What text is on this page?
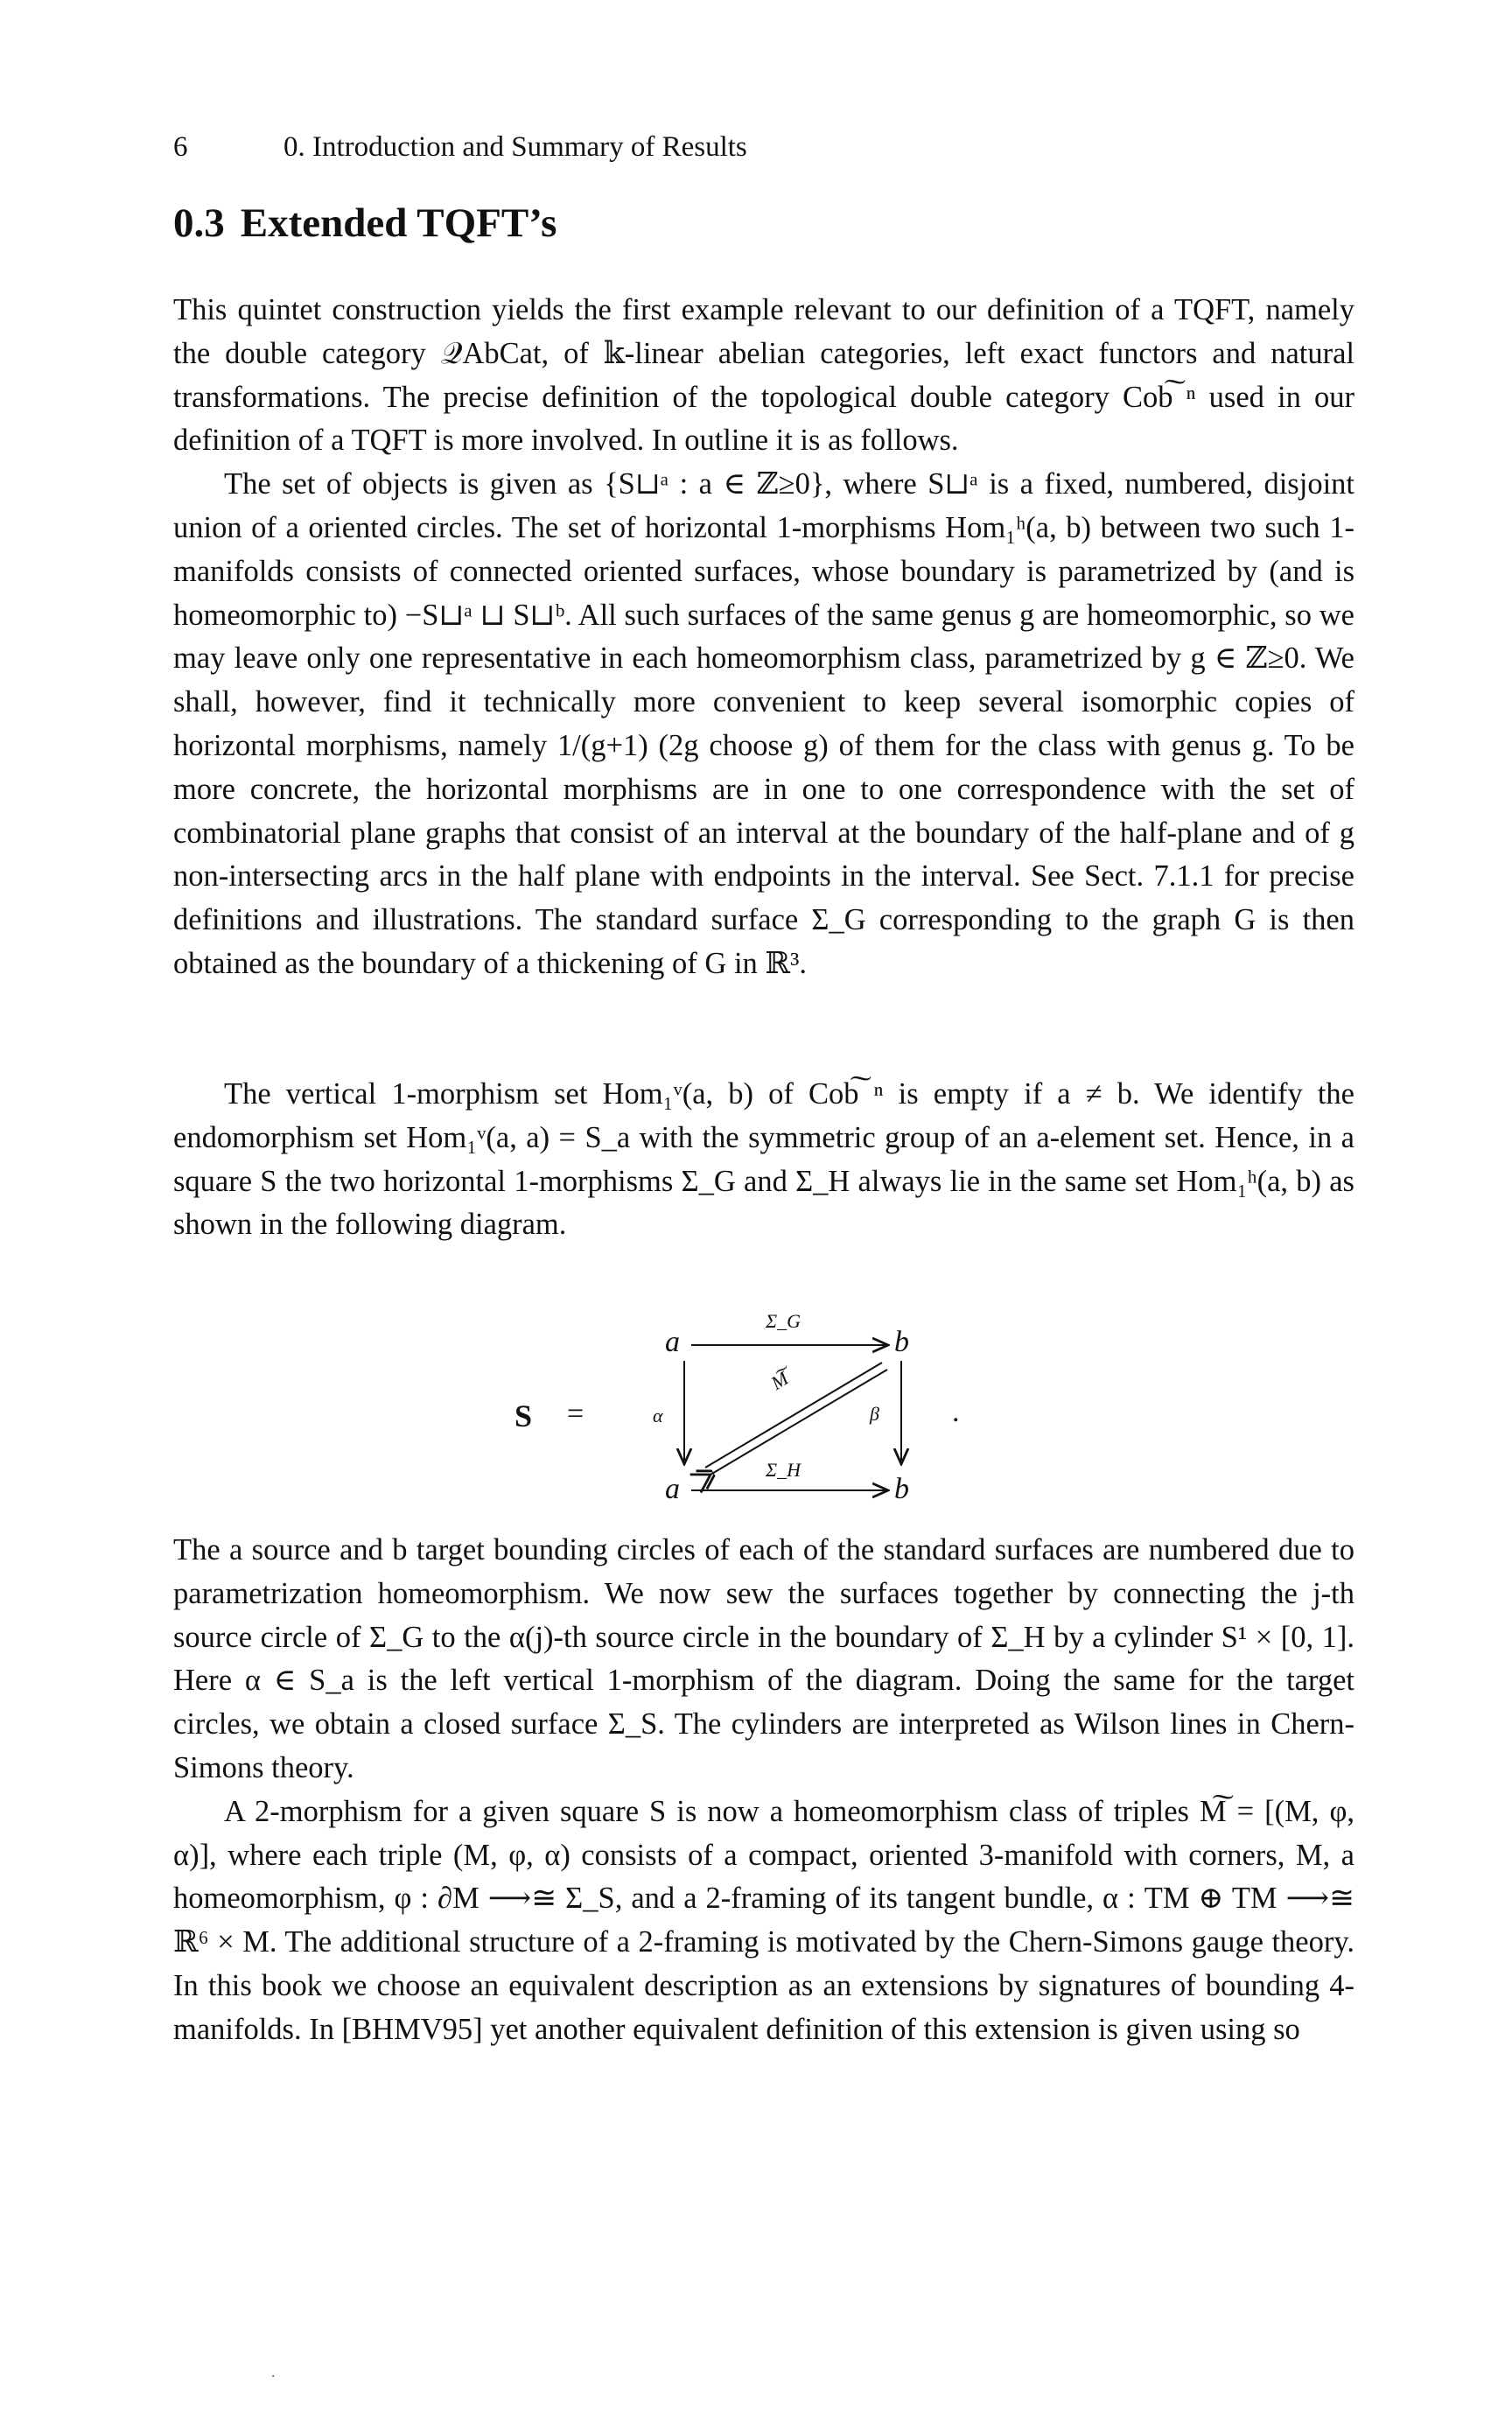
6	0. Introduction and Summary of Results
0.3 Extended TQFT’s

This quintet construction yields the first example relevant to our definition of a TQFT, namely the double category 𝒬AbCat, of 𝕜-linear abelian categories, left exact functors and natural transformations. The precise definition of the topological double category Cob͠ ⁿ used in our definition of a TQFT is more involved. In outline it is as follows.

The set of objects is given as {S⊔ᵃ : a ∈ ℤ≥0}, where S⊔ᵃ is a fixed, numbered, disjoint union of a oriented circles. The set of horizontal 1-morphisms Hom₁ʰ(a, b) between two such 1-manifolds consists of connected oriented surfaces, whose boundary is parametrized by (and is homeomorphic to) −S⊔ᵃ ⊔ S⊔ᵇ. All such surfaces of the same genus g are homeomorphic, so we may leave only one representative in each homeomorphism class, parametrized by g ∈ ℤ≥0. We shall, however, find it technically more convenient to keep several isomorphic copies of horizontal morphisms, namely 1/(g+1) (2g choose g) of them for the class with genus g. To be more concrete, the horizontal morphisms are in one to one correspondence with the set of combinatorial plane graphs that consist of an interval at the boundary of the half-plane and of g non-intersecting arcs in the half plane with endpoints in the interval. See Sect. 7.1.1 for precise definitions and illustrations. The standard surface Σ_G corresponding to the graph G is then obtained as the boundary of a thickening of G in ℝ³.

The vertical 1-morphism set Hom₁ᵛ(a, b) of Cob͠ ⁿ is empty if a ≠ b. We identify the endomorphism set Hom₁ᵛ(a, a) = S_a with the symmetric group of an a-element set. Hence, in a square S the two horizontal 1-morphisms Σ_G and Σ_H always lie in the same set Hom₁ʰ(a, b) as shown in the following diagram.

S =
a	b
a	b
Σ_G
Σ_H
α	β
M͠
.

The a source and b target bounding circles of each of the standard surfaces are numbered due to parametrization homeomorphism. We now sew the surfaces together by connecting the j-th source circle of Σ_G to the α(j)-th source circle in the boundary of Σ_H by a cylinder S¹ × [0, 1]. Here α ∈ S_a is the left vertical 1-morphism of the diagram. Doing the same for the target circles, we obtain a closed surface Σ_S. The cylinders are interpreted as Wilson lines in Chern-Simons theory.

A 2-morphism for a given square S is now a homeomorphism class of triples M͠ = [(M, φ, α)], where each triple (M, φ, α) consists of a compact, oriented 3-manifold with corners, M, a homeomorphism, φ : ∂M ⟶≅ Σ_S, and a 2-framing of its tangent bundle, α : TM ⊕ TM ⟶≅ ℝ⁶ × M. The additional structure of a 2-framing is motivated by the Chern-Simons gauge theory. In this book we choose an equivalent description as an extensions by signatures of bounding 4-manifolds. In [BHMV95] yet another equivalent definition of this extension is given using so

.
